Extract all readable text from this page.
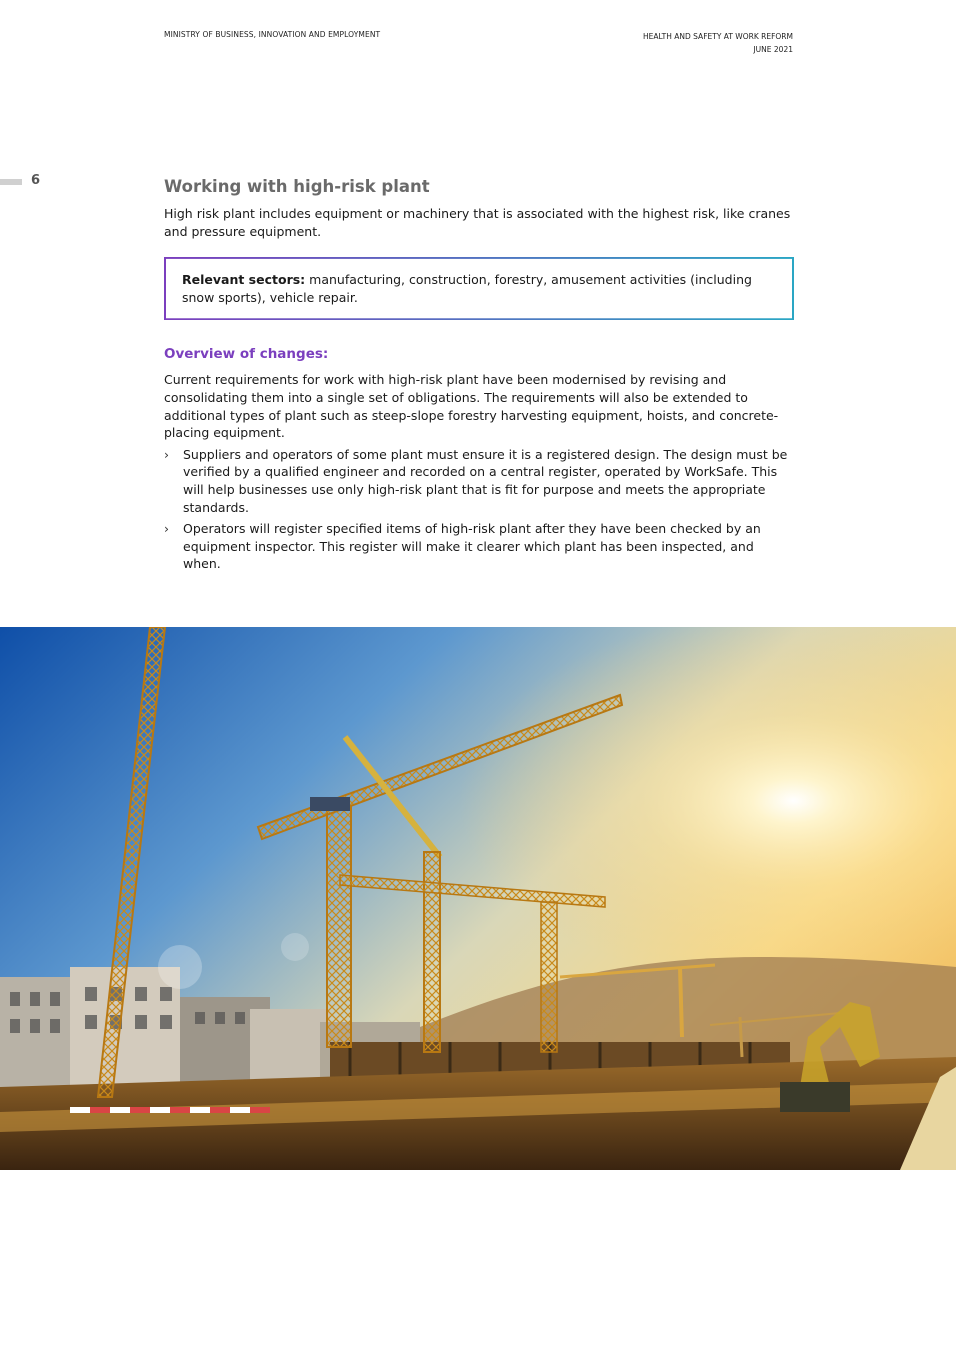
MINISTRY OF BUSINESS, INNOVATION AND EMPLOYMENT	HEALTH AND SAFETY AT WORK REFORM
JUNE 2021
6	Working with high-risk plant

High risk plant includes equipment or machinery that is associated with the highest risk, like cranes and pressure equipment.

Relevant sectors: manufacturing, construction, forestry, amusement activities (including snow sports), vehicle repair.

Overview of changes:

Current requirements for work with high-risk plant have been modernised by revising and consolidating them into a single set of obligations. The requirements will also be extended to additional types of plant such as steep-slope forestry harvesting equipment, hoists, and concrete-placing equipment.

› Suppliers and operators of some plant must ensure it is a registered design. The design must be verified by a qualified engineer and recorded on a central register, operated by WorkSafe. This will help businesses use only high-risk plant that is fit for purpose and meets the appropriate standards.
› Operators will register specified items of high-risk plant after they have been checked by an equipment inspector. This register will make it clearer which plant has been inspected, and when.
